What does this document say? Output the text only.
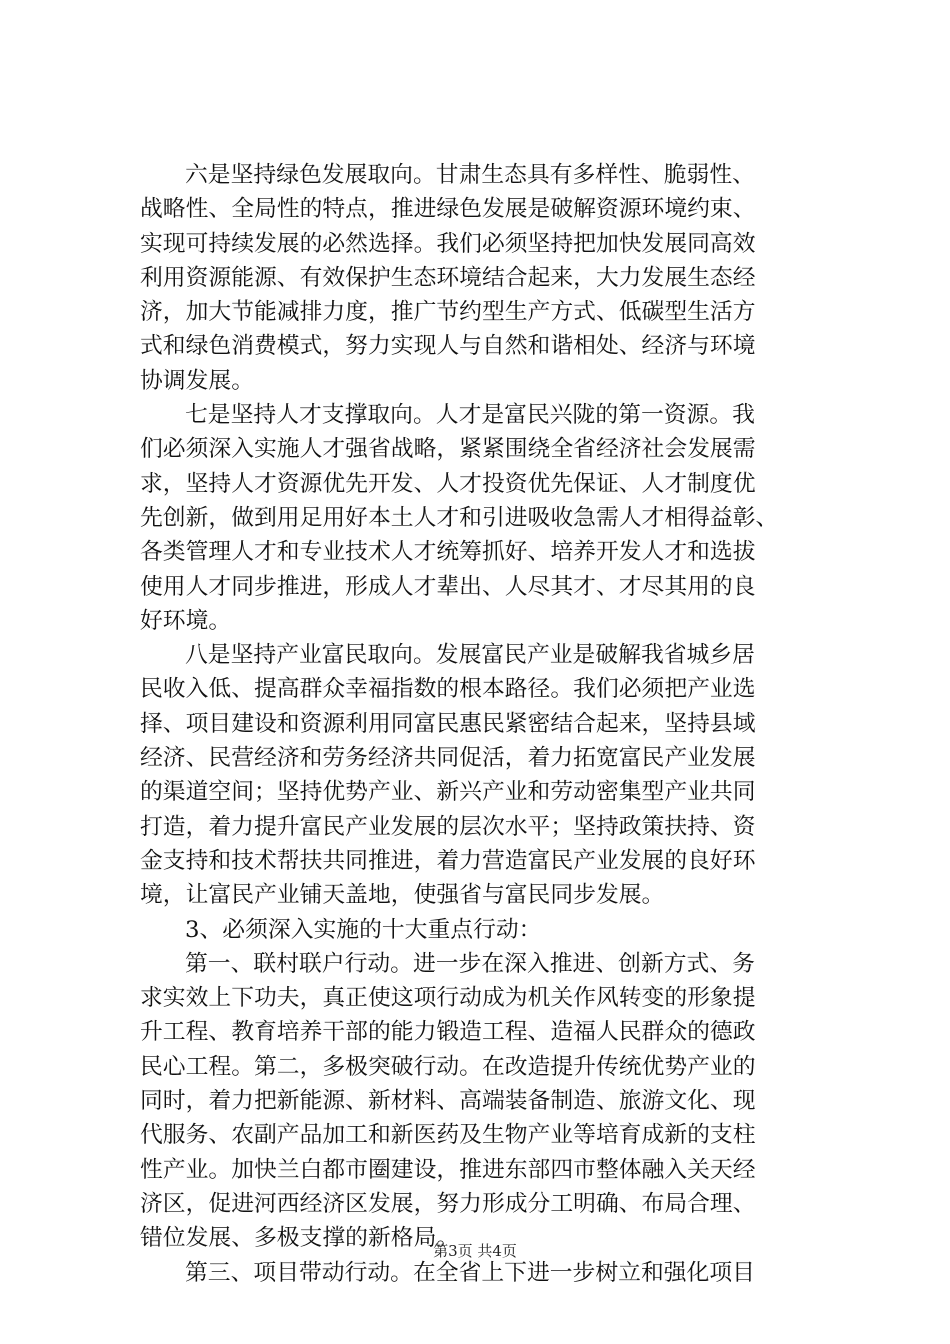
六是坚持绿色发展取向。甘肃生态具有多样性、脆弱性、
战略性、全局性的特点，推进绿色发展是破解资源环境约束、
实现可持续发展的必然选择。我们必须坚持把加快发展同高效
利用资源能源、有效保护生态环境结合起来，大力发展生态经
济，加大节能减排力度，推广节约型生产方式、低碳型生活方
式和绿色消费模式，努力实现人与自然和谐相处、经济与环境
协调发展。
七是坚持人才支撑取向。人才是富民兴陇的第一资源。我
们必须深入实施人才强省战略，紧紧围绕全省经济社会发展需
求，坚持人才资源优先开发、人才投资优先保证、人才制度优
先创新，做到用足用好本土人才和引进吸收急需人才相得益彰、
各类管理人才和专业技术人才统筹抓好、培养开发人才和选拔
使用人才同步推进，形成人才辈出、人尽其才、才尽其用的良
好环境。
八是坚持产业富民取向。发展富民产业是破解我省城乡居
民收入低、提高群众幸福指数的根本路径。我们必须把产业选
择、项目建设和资源利用同富民惠民紧密结合起来，坚持县域
经济、民营经济和劳务经济共同促活，着力拓宽富民产业发展
的渠道空间；坚持优势产业、新兴产业和劳动密集型产业共同
打造，着力提升富民产业发展的层次水平；坚持政策扶持、资
金支持和技术帮扶共同推进，着力营造富民产业发展的良好环
境，让富民产业铺天盖地，使强省与富民同步发展。
3、必须深入实施的十大重点行动：
第一、联村联户行动。进一步在深入推进、创新方式、务
求实效上下功夫，真正使这项行动成为机关作风转变的形象提
升工程、教育培养干部的能力锻造工程、造福人民群众的德政
民心工程。第二，多极突破行动。在改造提升传统优势产业的
同时，着力把新能源、新材料、高端装备制造、旅游文化、现
代服务、农副产品加工和新医药及生物产业等培育成新的支柱
性产业。加快兰白都市圈建设，推进东部四市整体融入关天经
济区，促进河西经济区发展，努力形成分工明确、布局合理、
错位发展、多极支撑的新格局。
第三、项目带动行动。在全省上下进一步树立和强化项目
第3页 共4页
